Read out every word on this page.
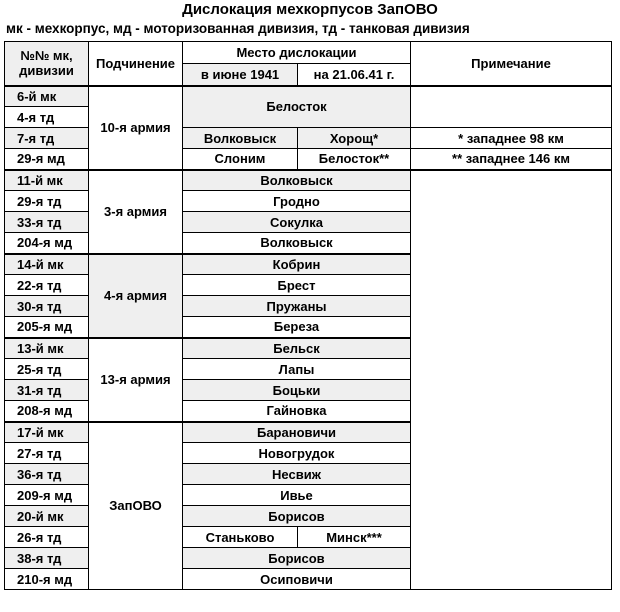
Дислокация мехкорпусов ЗапОВО
мк - мехкорпус, мд - моторизованная дивизия, тд - танковая дивизия
№№ мк,
дивизии	Подчинение	Место дислокации		Примечание	
		в июне 1941	на 21.06.41 г.		
6-й мк	10-я армия	Белосток			
4-я тд					
7-я тд		Волковыск	Хорощ*	* западнее 98 км	
29-я мд		Слоним	Белосток**	** западнее 146 км	
11-й мк	3-я армия	Волковыск			
29-я тд		Гродно			
33-я тд		Сокулка			
204-я мд		Волковыск			
14-й мк	4-я армия	Кобрин			
22-я тд		Брест			
30-я тд		Пружаны			
205-я мд		Береза			
13-й мк	13-я армия	Бельск			
25-я тд		Лапы			
31-я тд		Боцьки			
208-я мд		Гайновка			
17-й мк	ЗапОВО	Барановичи			
27-я тд		Новогрудок			
36-я тд		Несвиж			
209-я мд		Ивье			
20-й мк		Борисов			
26-я тд		Станьково	Минск***	
38-я тд		Борисов			
210-я мд		Осиповичи			
